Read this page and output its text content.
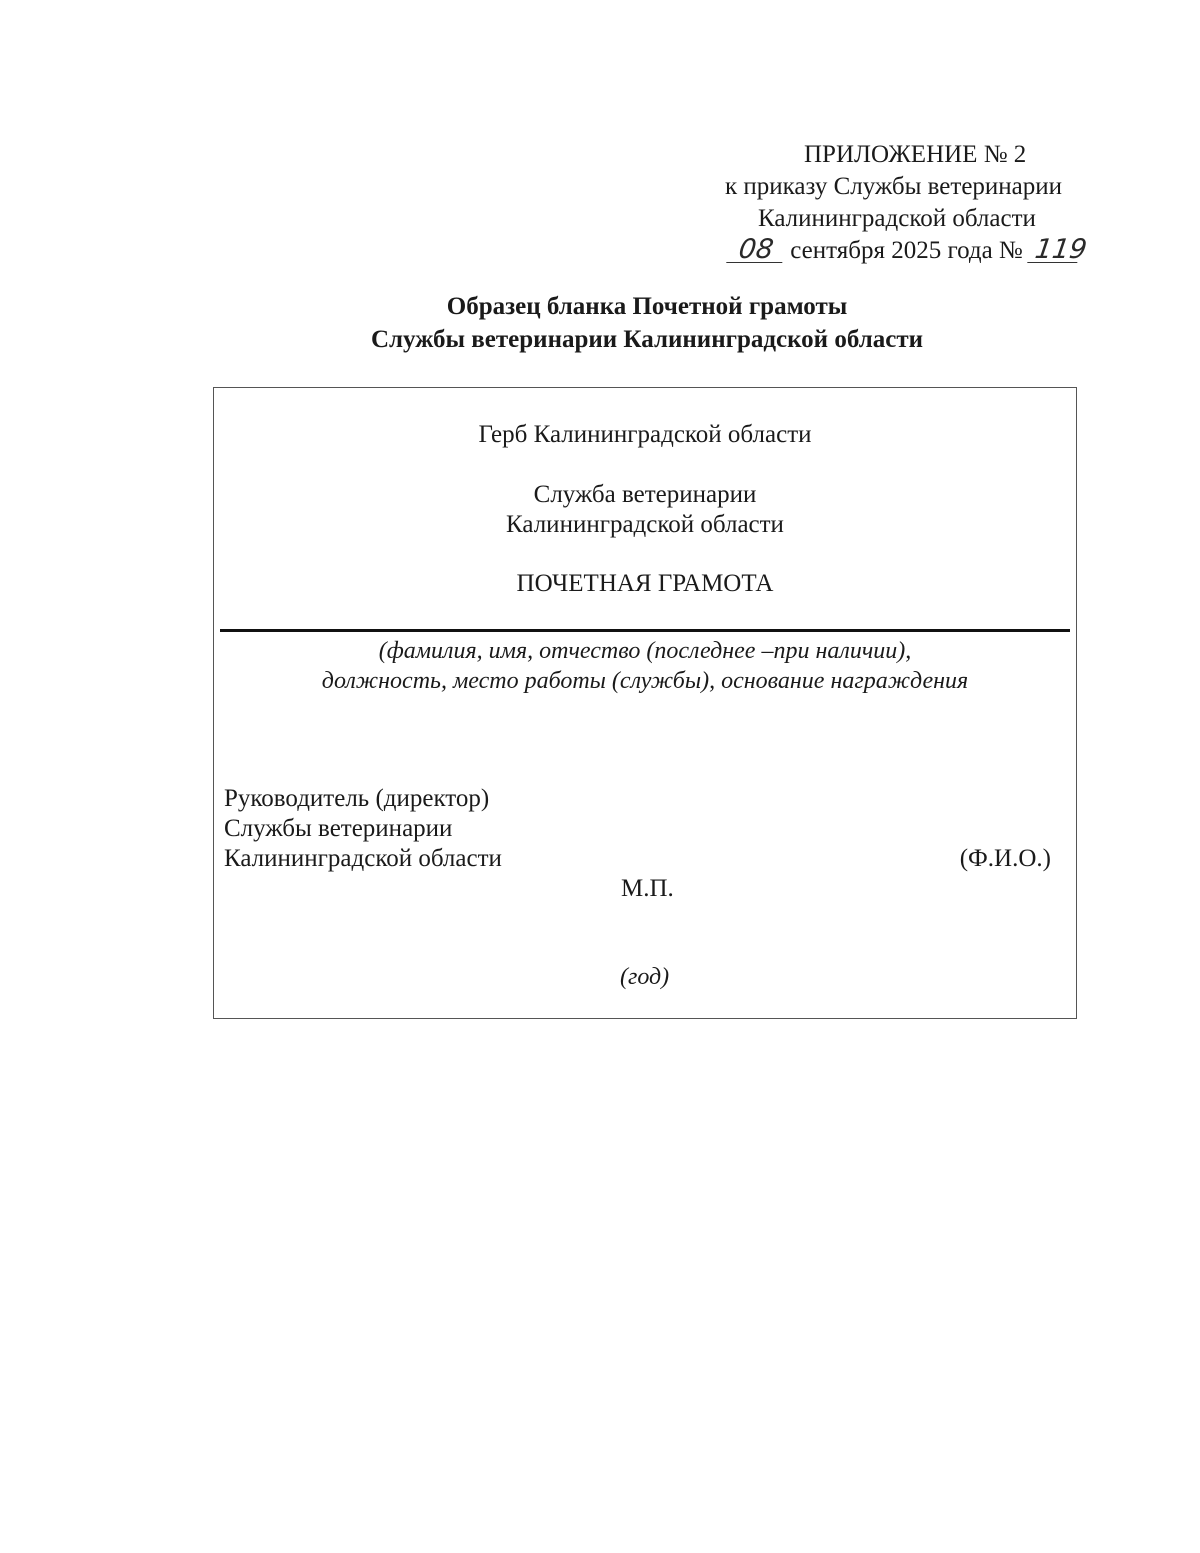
ПРИЛОЖЕНИЕ № 2
к приказу Службы ветеринарии
Калининградской области
08 сентября 2025 года № 119
Образец бланка Почетной грамоты
Службы ветеринарии Калининградской области
Герб Калининградской области
Служба ветеринарии
Калининградской области
ПОЧЕТНАЯ ГРАМОТА
(фамилия, имя, отчество (последнее –при наличии),
должность, место работы (службы), основание награждения
Руководитель (директор)
Службы ветеринарии
Калининградской области	(Ф.И.О.)
М.П.
(год)
